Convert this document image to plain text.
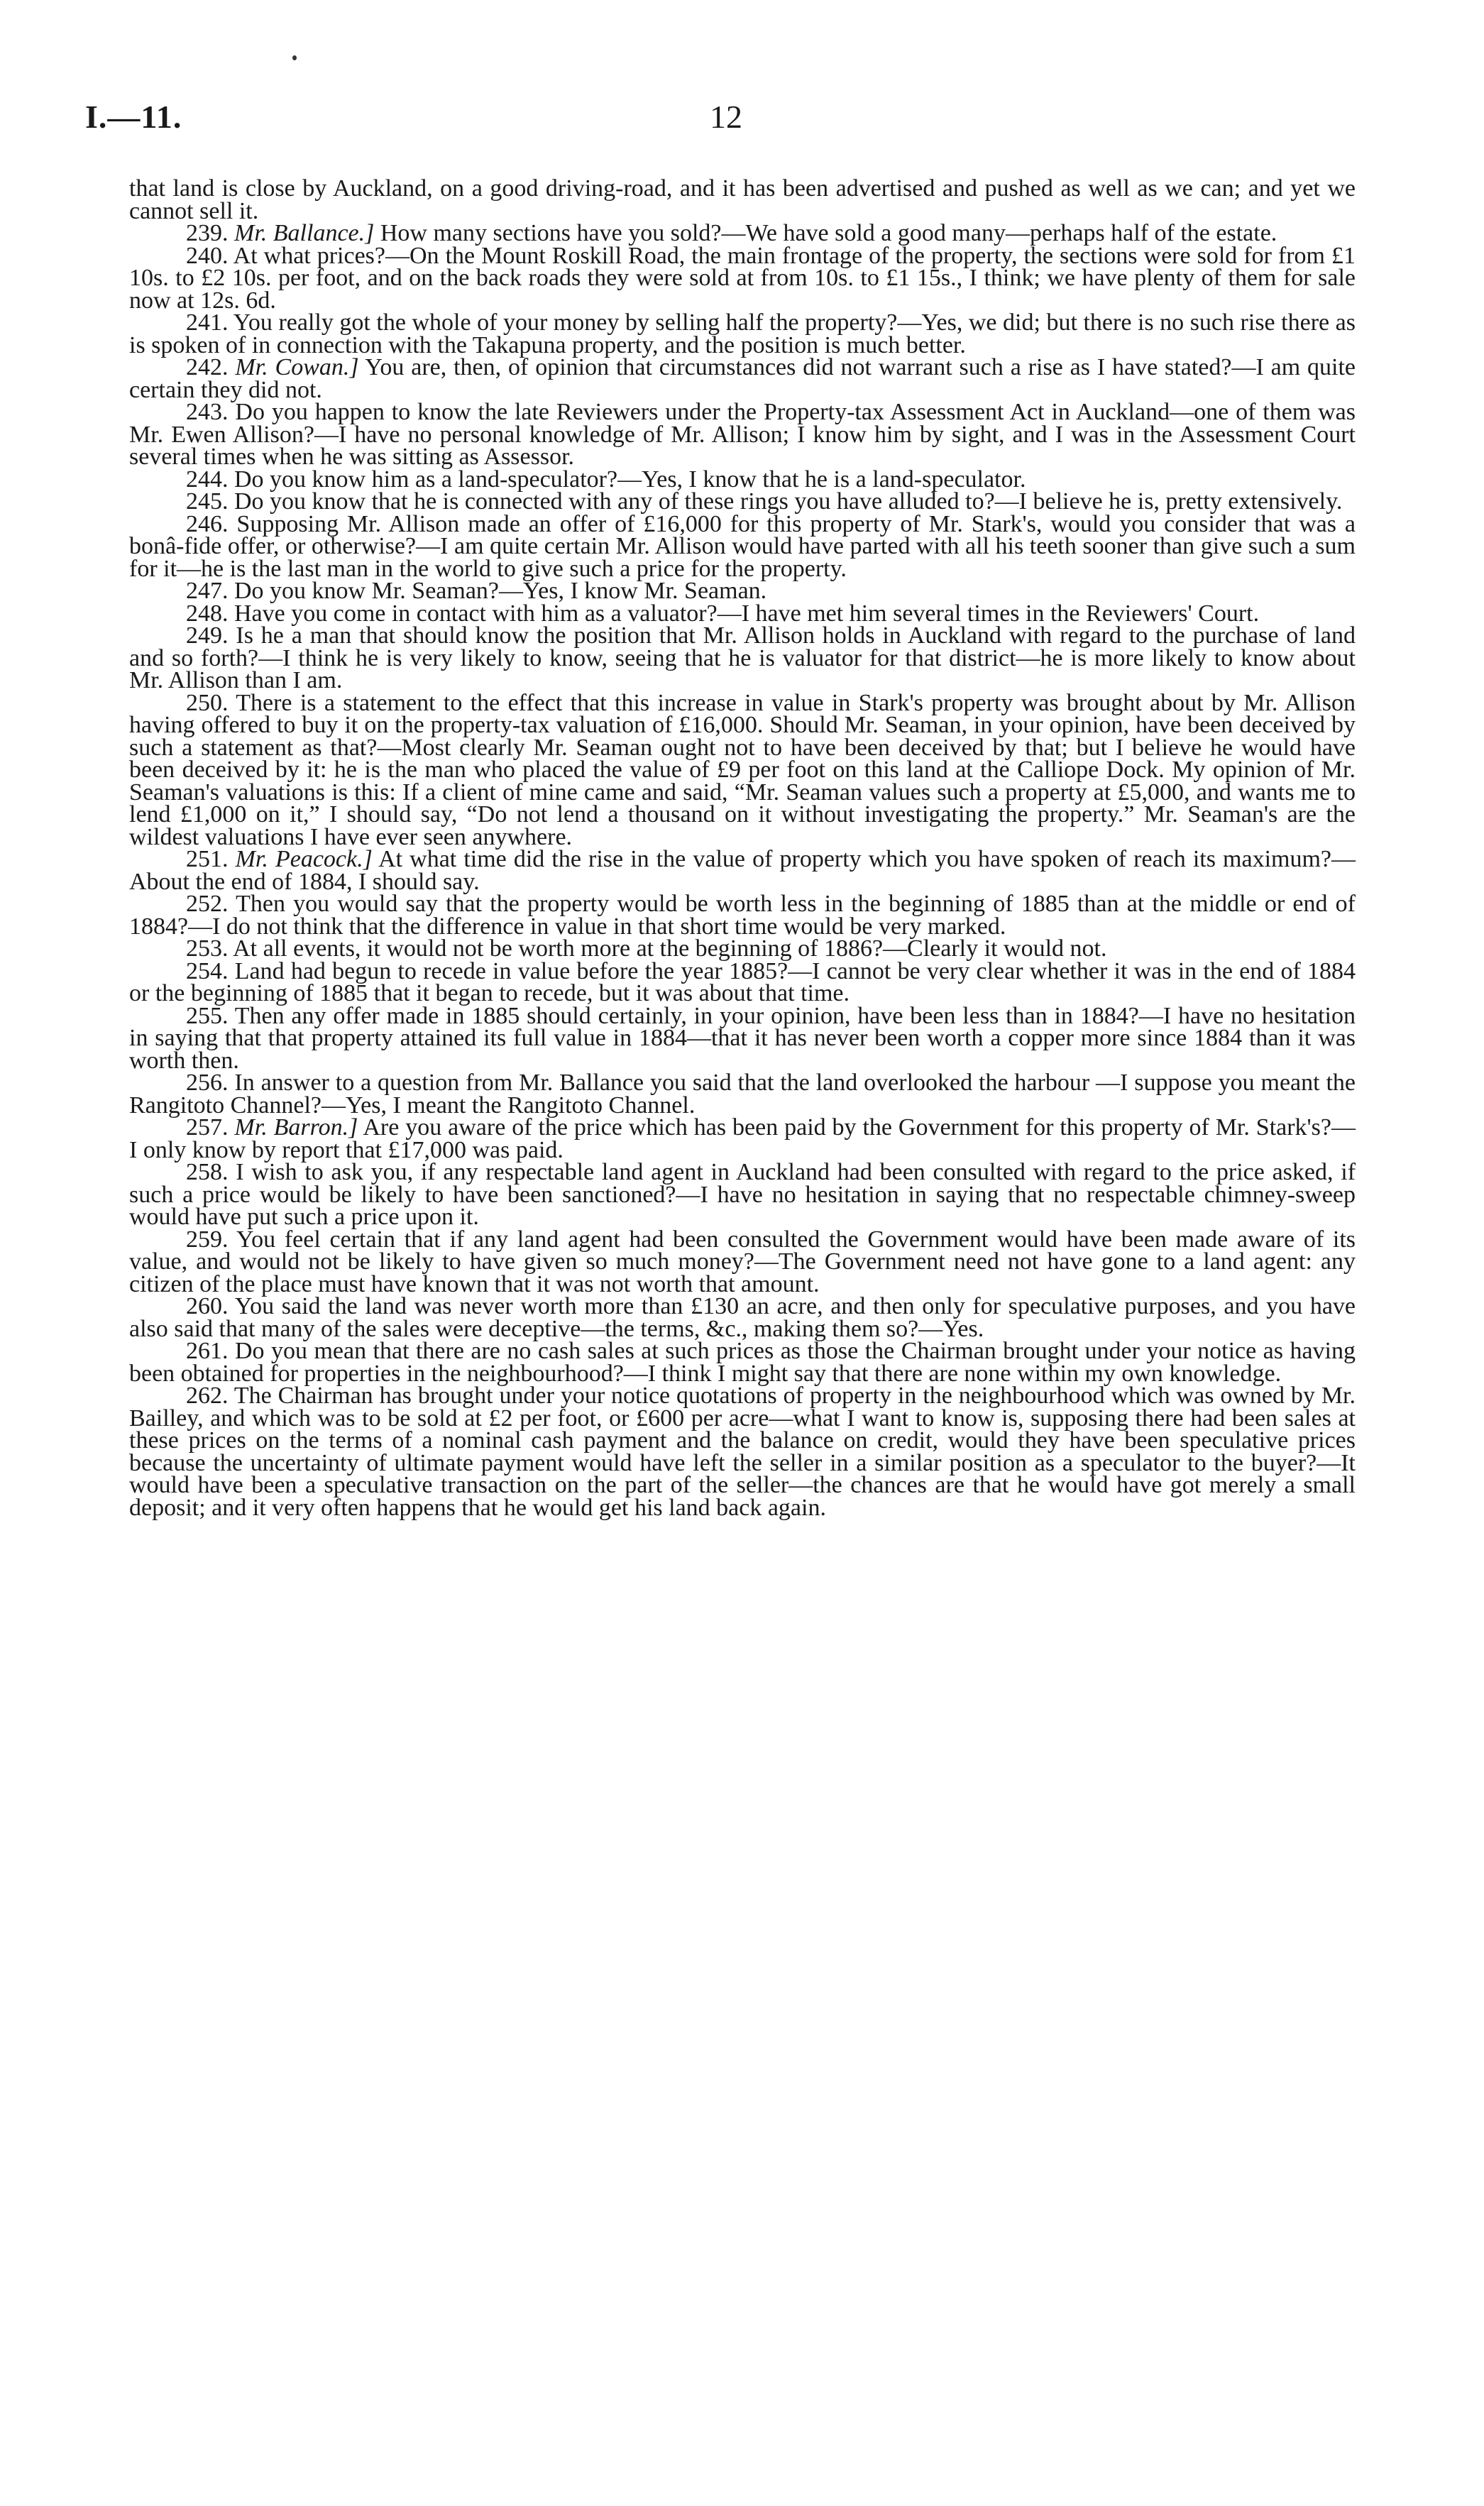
I.—11.	12

that land is close by Auckland, on a good driving-road, and it has been advertised and pushed as well as we can; and yet we cannot sell it.

239. Mr. Ballance.] How many sections have you sold?—We have sold a good many—perhaps half of the estate.

240. At what prices?—On the Mount Roskill Road, the main frontage of the property, the sections were sold for from £1 10s. to £2 10s. per foot, and on the back roads they were sold at from 10s. to £1 15s., I think; we have plenty of them for sale now at 12s. 6d.

241. You really got the whole of your money by selling half the property?—Yes, we did; but there is no such rise there as is spoken of in connection with the Takapuna property, and the position is much better.

242. Mr. Cowan.] You are, then, of opinion that circumstances did not warrant such a rise as I have stated?—I am quite certain they did not.

243. Do you happen to know the late Reviewers under the Property-tax Assessment Act in Auckland—one of them was Mr. Ewen Allison?—I have no personal knowledge of Mr. Allison; I know him by sight, and I was in the Assessment Court several times when he was sitting as Assessor.

244. Do you know him as a land-speculator?—Yes, I know that he is a land-speculator.

245. Do you know that he is connected with any of these rings you have alluded to?—I believe he is, pretty extensively.

246. Supposing Mr. Allison made an offer of £16,000 for this property of Mr. Stark's, would you consider that was a bonâ-fide offer, or otherwise?—I am quite certain Mr. Allison would have parted with all his teeth sooner than give such a sum for it—he is the last man in the world to give such a price for the property.

247. Do you know Mr. Seaman?—Yes, I know Mr. Seaman.

248. Have you come in contact with him as a valuator?—I have met him several times in the Reviewers' Court.

249. Is he a man that should know the position that Mr. Allison holds in Auckland with regard to the purchase of land and so forth?—I think he is very likely to know, seeing that he is valuator for that district—he is more likely to know about Mr. Allison than I am.

250. There is a statement to the effect that this increase in value in Stark's property was brought about by Mr. Allison having offered to buy it on the property-tax valuation of £16,000. Should Mr. Seaman, in your opinion, have been deceived by such a statement as that?—Most clearly Mr. Seaman ought not to have been deceived by that; but I believe he would have been deceived by it: he is the man who placed the value of £9 per foot on this land at the Calliope Dock. My opinion of Mr. Seaman's valuations is this: If a client of mine came and said, “Mr. Seaman values such a property at £5,000, and wants me to lend £1,000 on it,” I should say, “Do not lend a thousand on it without investigating the property.” Mr. Seaman's are the wildest valuations I have ever seen anywhere.

251. Mr. Peacock.] At what time did the rise in the value of property which you have spoken of reach its maximum?—About the end of 1884, I should say.

252. Then you would say that the property would be worth less in the beginning of 1885 than at the middle or end of 1884?—I do not think that the difference in value in that short time would be very marked.

253. At all events, it would not be worth more at the beginning of 1886?—Clearly it would not.

254. Land had begun to recede in value before the year 1885?—I cannot be very clear whether it was in the end of 1884 or the beginning of 1885 that it began to recede, but it was about that time.

255. Then any offer made in 1885 should certainly, in your opinion, have been less than in 1884?—I have no hesitation in saying that that property attained its full value in 1884—that it has never been worth a copper more since 1884 than it was worth then.

256. In answer to a question from Mr. Ballance you said that the land overlooked the harbour —I suppose you meant the Rangitoto Channel?—Yes, I meant the Rangitoto Channel.

257. Mr. Barron.] Are you aware of the price which has been paid by the Government for this property of Mr. Stark's?—I only know by report that £17,000 was paid.

258. I wish to ask you, if any respectable land agent in Auckland had been consulted with regard to the price asked, if such a price would be likely to have been sanctioned?—I have no hesitation in saying that no respectable chimney-sweep would have put such a price upon it.

259. You feel certain that if any land agent had been consulted the Government would have been made aware of its value, and would not be likely to have given so much money?—The Government need not have gone to a land agent: any citizen of the place must have known that it was not worth that amount.

260. You said the land was never worth more than £130 an acre, and then only for speculative purposes, and you have also said that many of the sales were deceptive—the terms, &c., making them so?—Yes.

261. Do you mean that there are no cash sales at such prices as those the Chairman brought under your notice as having been obtained for properties in the neighbourhood?—I think I might say that there are none within my own knowledge.

262. The Chairman has brought under your notice quotations of property in the neighbourhood which was owned by Mr. Bailley, and which was to be sold at £2 per foot, or £600 per acre—what I want to know is, supposing there had been sales at these prices on the terms of a nominal cash payment and the balance on credit, would they have been speculative prices because the uncertainty of ultimate payment would have left the seller in a similar position as a speculator to the buyer?—It would have been a speculative transaction on the part of the seller—the chances are that he would have got merely a small deposit; and it very often happens that he would get his land back again.
